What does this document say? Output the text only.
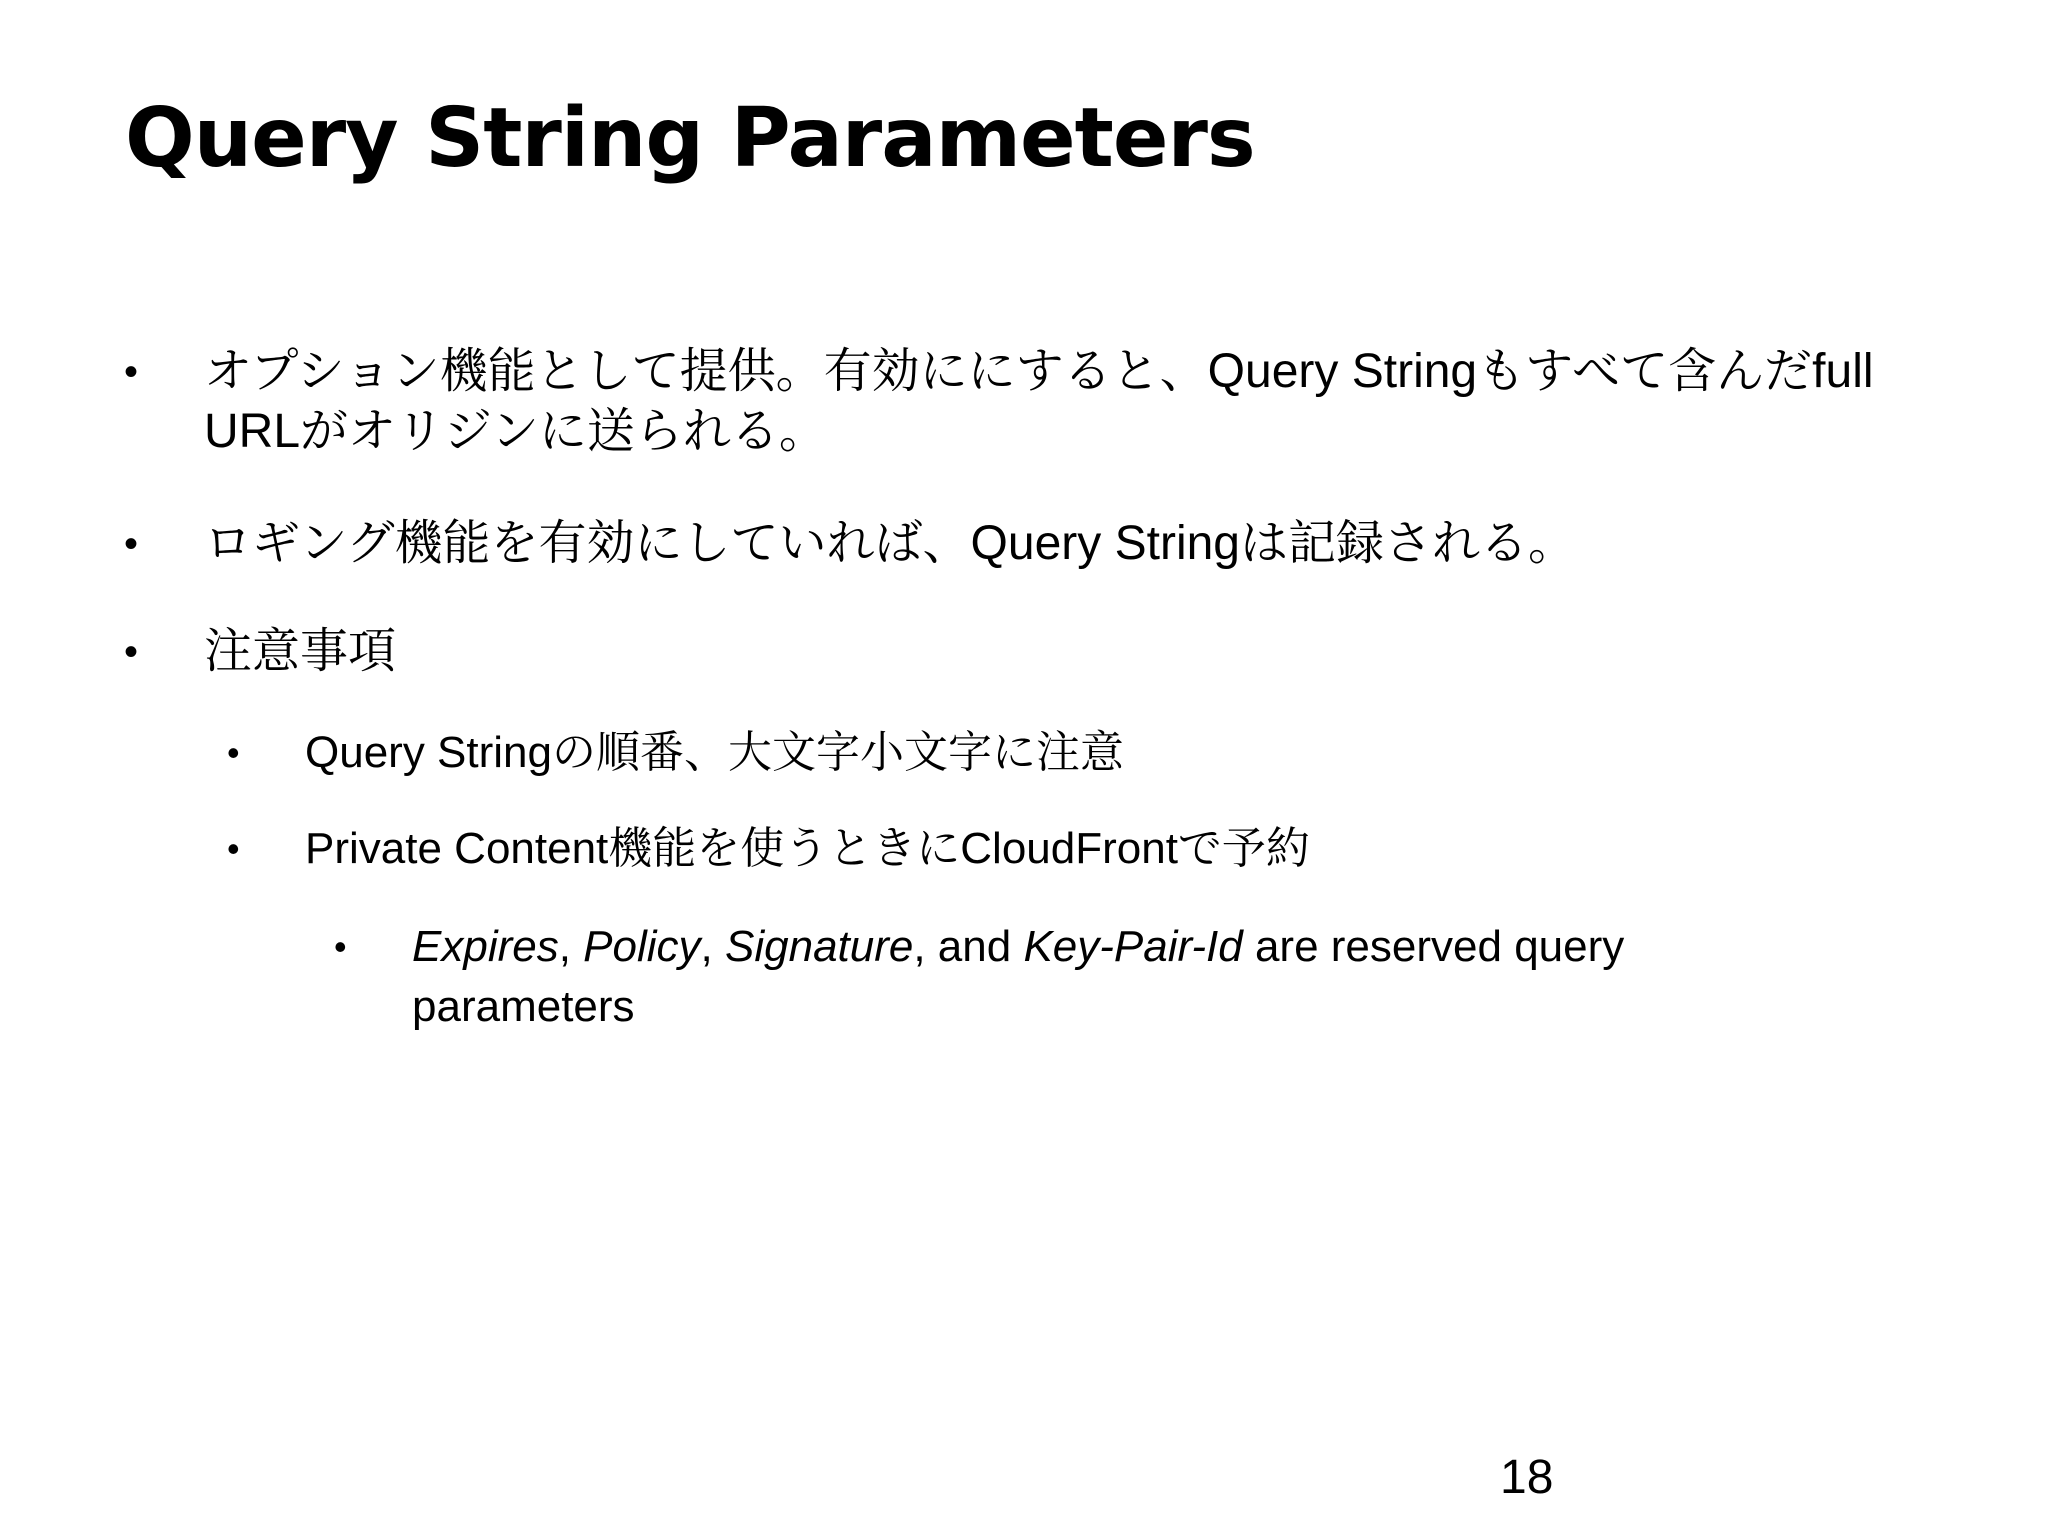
Query String Parameters

• オプション機能として提供。有効ににすると、Query Stringもすべて含んだfull URLがオリジンに送られる。

• ロギング機能を有効にしていれば、Query Stringは記録される。

• 注意事項

• Query Stringの順番、大文字小文字に注意

• Private Content機能を使うときにCloudFrontで予約

• Expires, Policy, Signature, and Key-Pair-Id are reserved query parameters

18
